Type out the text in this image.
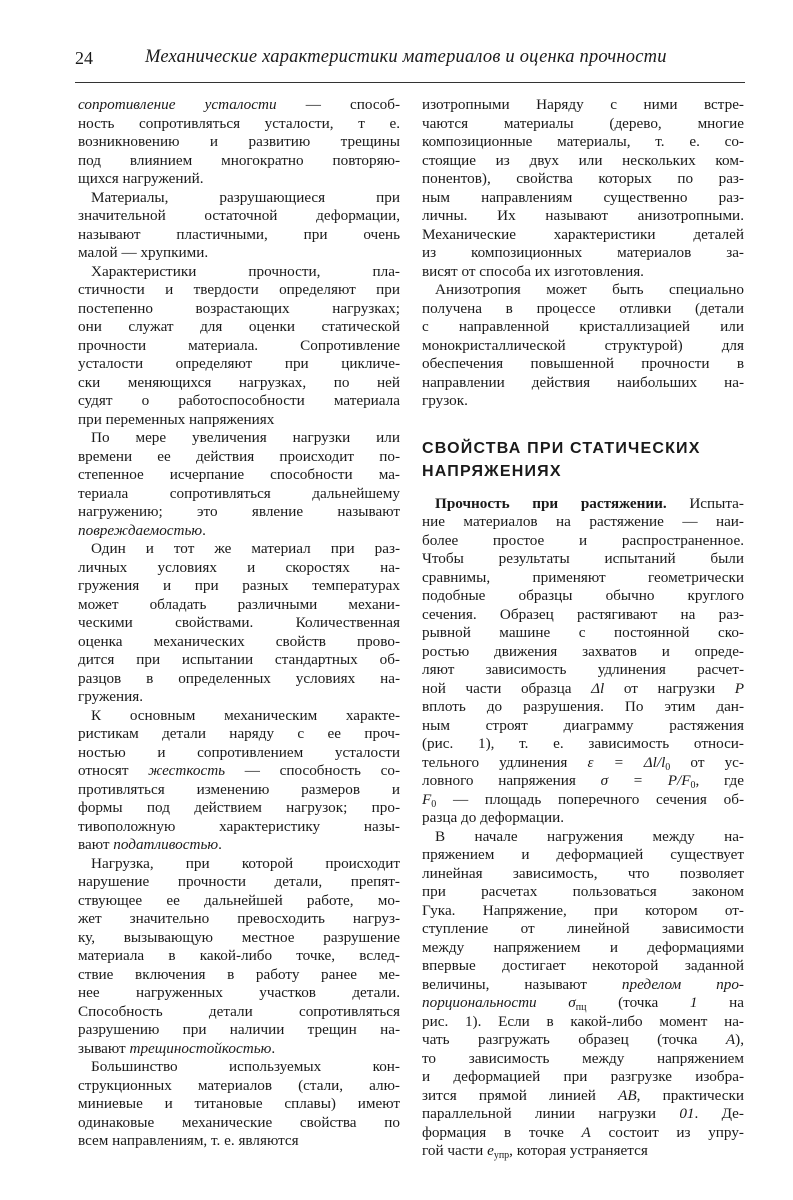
24	Механические характеристики материалов и оценка прочности
сопротивление усталости — способ-
ность сопротивляться усталости, т е.
возникновению и развитию трещины
под влиянием многократно повторяю-
щихся нагружений.
Материалы, разрушающиеся при
значительной остаточной деформации,
называют пластичными, при очень
малой — хрупкими.
Характеристики прочности, пла-
стичности и твердости определяют при
постепенно возрастающих нагрузках;
они служат для оценки статической
прочности материала. Сопротивление
усталости определяют при цикличе-
ски меняющихся нагрузках, по ней
судят о работоспособности материала
при переменных напряжениях
По мере увеличения нагрузки или
времени ее действия происходит по-
степенное исчерпание способности ма-
териала сопротивляться дальнейшему
нагружению; это явление называют
повреждаемостью.
Один и тот же материал при раз-
личных условиях и скоростях на-
гружения и при разных температурах
может обладать различными механи-
ческими свойствами. Количественная
оценка механических свойств прово-
дится при испытании стандартных об-
разцов в определенных условиях на-
гружения.
К основным механическим характе-
ристикам детали наряду с ее проч-
ностью и сопротивлением усталости
относят жесткость — способность со-
противляться изменению размеров и
формы под действием нагрузок; про-
тивоположную характеристику назы-
вают податливостью.
Нагрузка, при которой происходит
нарушение прочности детали, препят-
ствующее ее дальнейшей работе, мо-
жет значительно превосходить нагруз-
ку, вызывающую местное разрушение
материала в какой-либо точке, вслед-
ствие включения в работу ранее ме-
нее нагруженных участков детали.
Способность детали сопротивляться
разрушению при наличии трещин на-
зывают трещиностойкостью.
Большинство используемых кон-
струкционных материалов (стали, алю-
миниевые и титановые сплавы) имеют
одинаковые механические свойства по
всем направлениям, т. е. являются
изотропными Наряду с ними встре-
чаются материалы (дерево, многие
композиционные материалы, т. е. со-
стоящие из двух или нескольких ком-
понентов), свойства которых по раз-
ным направлениям существенно раз-
личны. Их называют анизотропными.
Механические характеристики деталей
из композиционных материалов за-
висят от способа их изготовления.
Анизотропия может быть специально
получена в процессе отливки (детали
с направленной кристаллизацией или
монокристаллической структурой) для
обеспечения повышенной прочности в
направлении действия наибольших на-
грузок.
СВОЙСТВА ПРИ СТАТИЧЕСКИХ
НАПРЯЖЕНИЯХ
Прочность при растяжении. Испыта-
ние материалов на растяжение — наи-
более простое и распространенное.
Чтобы результаты испытаний были
сравнимы, применяют геометрически
подобные образцы обычно круглого
сечения. Образец растягивают на раз-
рывной машине с постоянной ско-
ростью движения захватов и опреде-
ляют зависимость удлинения расчет-
ной части образца Δl от нагрузки P
вплоть до разрушения. По этим дан-
ным строят диаграмму растяжения
(рис. 1), т. е. зависимость относи-
тельного удлинения $\varepsilon = \Delta l/l_0$ от ус-
ловного напряжения $\sigma = P/F_0$, где
$F_0$ — площадь поперечного сечения об-
разца до деформации.
В начале нагружения между на-
пряжением и деформацией существует
линейная зависимость, что позволяет
при расчетах пользоваться законом
Гука. Напряжение, при котором от-
ступление от линейной зависимости
между напряжением и деформациями
впервые достигает некоторой заданной
величины, называют пределом про-
порциональности $\sigma_{пц}$ (точка 1 на
рис. 1). Если в какой-либо момент на-
чать разгружать образец (точка A),
то зависимость между напряжением
и деформацией при разгрузке изобра-
зится прямой линией AB, практически
параллельной линии нагрузки 01. Де-
формация в точке A состоит из упру-
гой части $e_{упр}$, которая устраняется
